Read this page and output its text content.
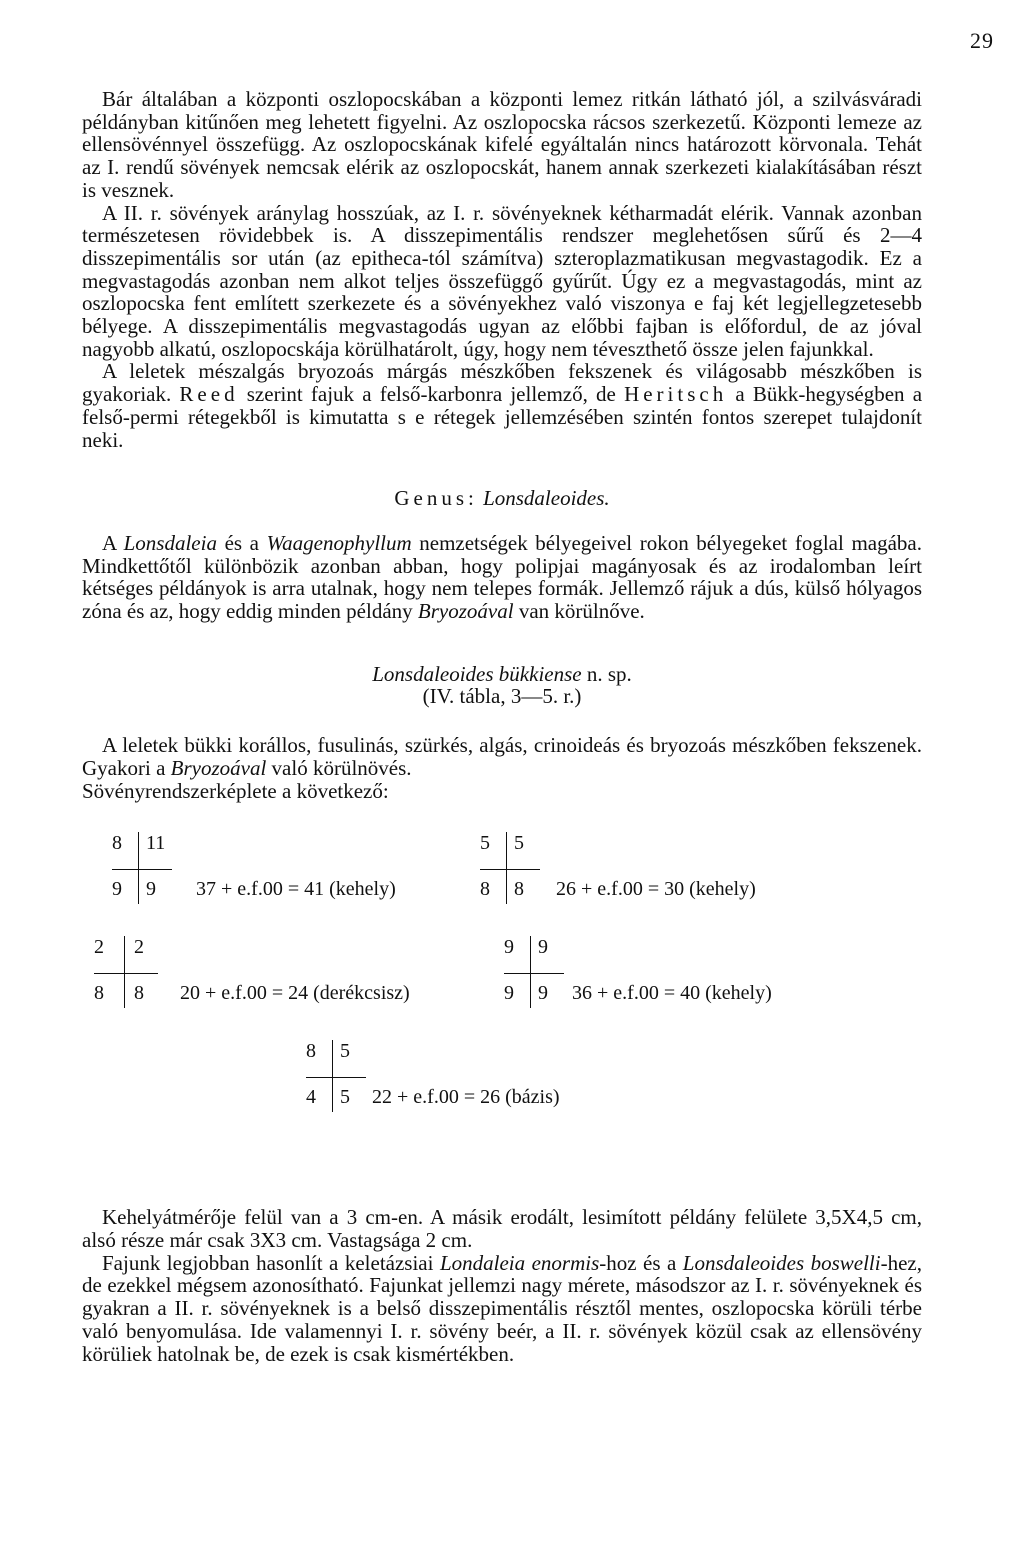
29

Bár általában a központi oszlopocskában a központi lemez ritkán látható jól, a szilvásváradi példányban kitűnően meg lehetett figyelni. Az oszlopocska rácsos szerkezetű. Központi lemeze az ellensövénnyel összefügg. Az oszlopocskának kifelé egyáltalán nincs határozott körvonala. Tehát az I. rendű sövények nemcsak elérik az oszlopocskát, hanem annak szerkezeti kialakításában részt is vesznek.

A II. r. sövények aránylag hosszúak, az I. r. sövényeknek kétharmadát elérik. Vannak azonban természetesen rövidebbek is. A disszepimentális rendszer meglehetősen sűrű és 2—4 disszepimentális sor után (az epitheca-tól számítva) szteroplazmatikusan megvastagodik. Ez a megvastagodás azonban nem alkot teljes összefüggő gyűrűt. Úgy ez a megvastagodás, mint az oszlopocska fent említett szerkezete és a sövényekhez való viszonya e faj két legjellegzetesebb bélyege. A disszepimentális megvastagodás ugyan az előbbi fajban is előfordul, de az jóval nagyobb alkatú, oszlopocskája körülhatárolt, úgy, hogy nem téveszthető össze jelen fajunkkal.

A leletek mészalgás bryozoás márgás mészkőben fekszenek és világosabb mészkőben is gyakoriak. Reed szerint fajuk a felső-karbonra jellemző, de Heritsch a Bükk-hegységben a felső-permi rétegekből is kimutatta s e rétegek jellemzésében szintén fontos szerepet tulajdonít neki.

Genus: Lonsdaleoides.

A Lonsdaleia és a Waagenophyllum nemzetségek bélyegeivel rokon bélyegeket foglal magába. Mindkettőtől különbözik azonban abban, hogy polipjai magányosak és az irodalomban leírt kétséges példányok is arra utalnak, hogy nem telepes formák. Jellemző rájuk a dús, külső hólyagos zóna és az, hogy eddig minden példány Bryozoával van körülnőve.

Lonsdaleoides bükkiense n. sp.

(IV. tábla, 3—5. r.)

A leletek bükki korállos, fusulinás, szürkés, algás, crinoideás és bryozoás mészkőben fekszenek. Gyakori a Bryozoával való körülnövés.

Sövényrendszerképlete a következő:

8 11
9 9 37 + e.f.00 = 41 (kehely)
5 5
8 8 26 + e.f.00 = 30 (kehely)
2 2
8 8 20 + e.f.00 = 24 (derékcsisz)
9 9
9 9 36 + e.f.00 = 40 (kehely)
8 5
4 5 22 + e.f.00 = 26 (bázis)

Kehelyátmérője felül van a 3 cm-en. A másik erodált, lesimított példány felülete 3,5X4,5 cm, alsó része már csak 3X3 cm. Vastagsága 2 cm.

Fajunk legjobban hasonlít a keletázsiai Londaleia enormis-hoz és a Lonsdaleoides boswelli-hez, de ezekkel mégsem azonosítható. Fajunkat jellemzi nagy mérete, másodszor az I. r. sövényeknek és gyakran a II. r. sövényeknek is a belső disszepimentális résztől mentes, oszlopocska körüli térbe való benyomulása. Ide valamennyi I. r. sövény beér, a II. r. sövények közül csak az ellensövény körüliek hatolnak be, de ezek is csak kismértékben.
